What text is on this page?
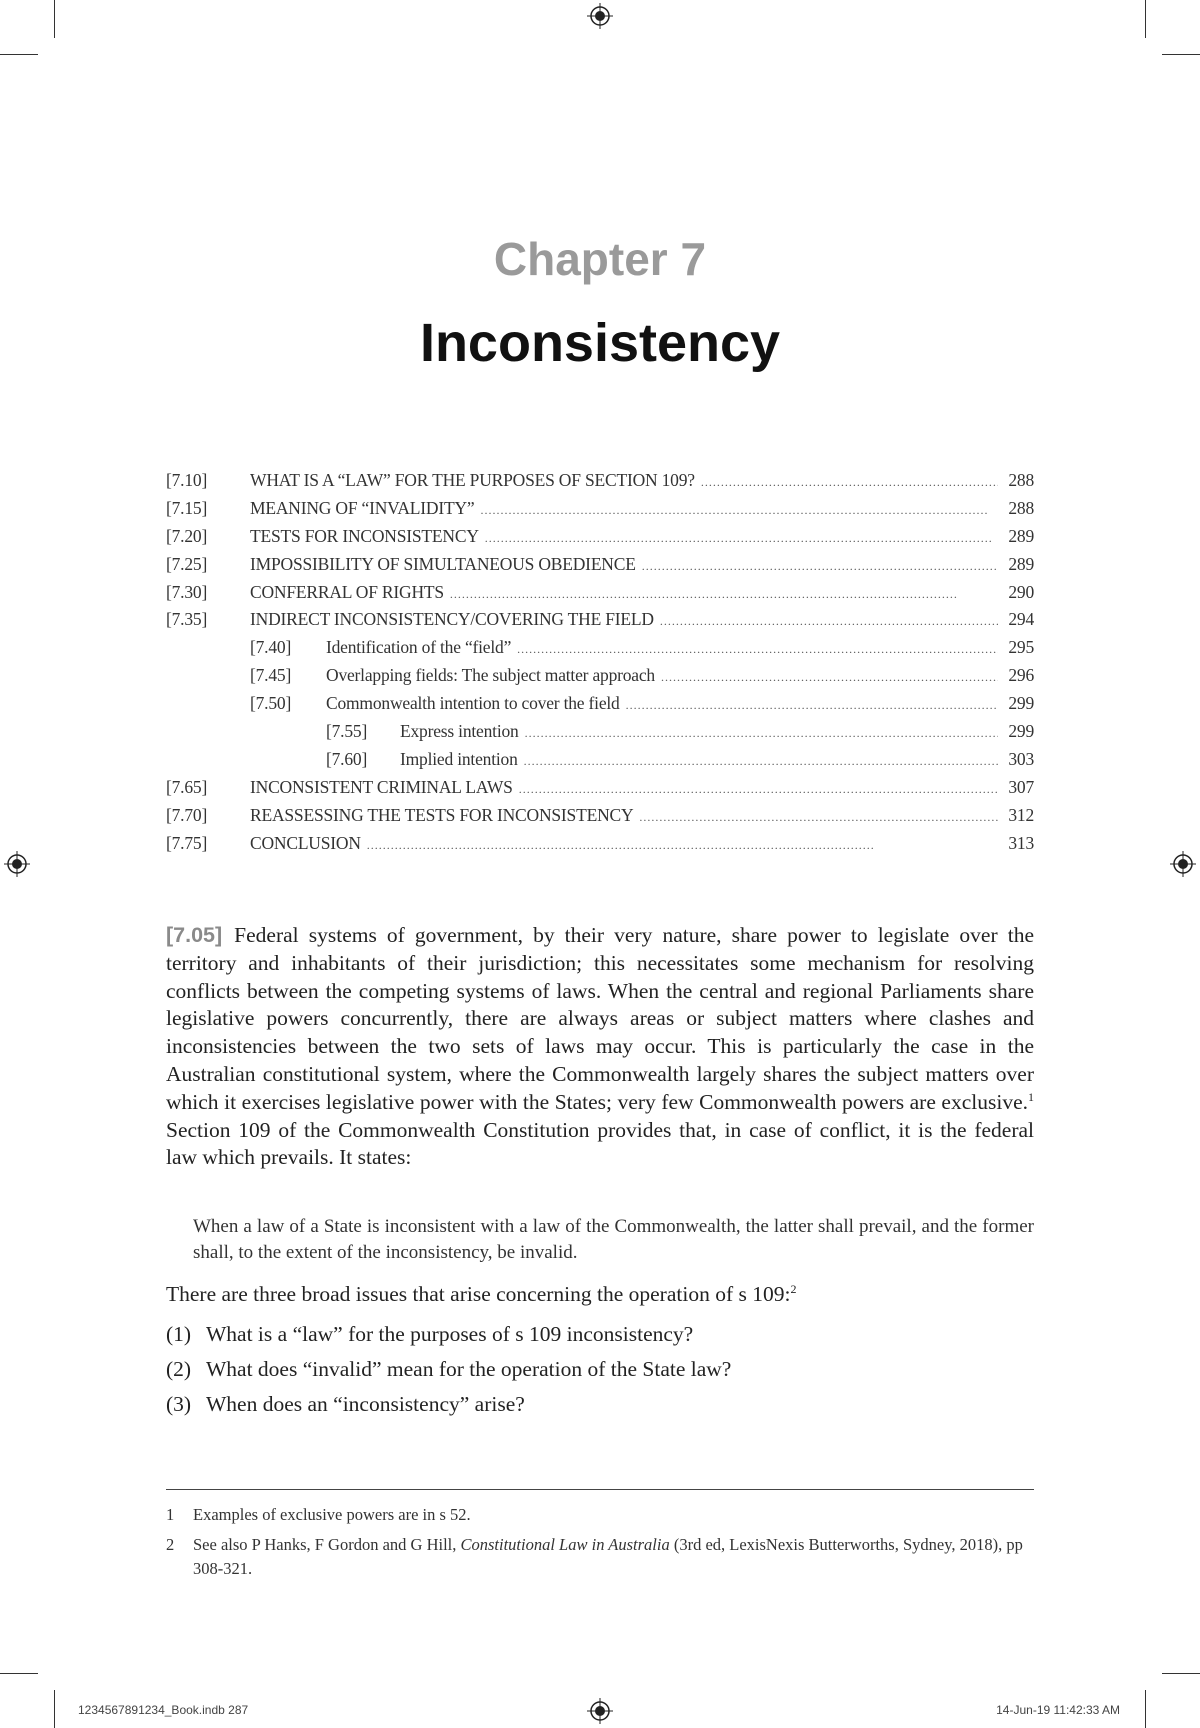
Chapter 7
Inconsistency
[7.10]	WHAT IS A “LAW” FOR THE PURPOSES OF SECTION 109? . . .	288
[7.15]	MEANING OF “INVALIDITY” . . .	288
[7.20]	TESTS FOR INCONSISTENCY . . .	289
[7.25]	IMPOSSIBILITY OF SIMULTANEOUS OBEDIENCE . . .	289
[7.30]	CONFERRAL OF RIGHTS . . .	290
[7.35]	INDIRECT INCONSISTENCY/COVERING THE FIELD . . .	294
[7.40]	Identification of the “field” . . .	295
[7.45]	Overlapping fields: The subject matter approach . . .	296
[7.50]	Commonwealth intention to cover the field . . .	299
[7.55]	Express intention . . .	299
[7.60]	Implied intention . . .	303
[7.65]	INCONSISTENT CRIMINAL LAWS . . .	307
[7.70]	REASSESSING THE TESTS FOR INCONSISTENCY . . .	312
[7.75]	CONCLUSION . . .	313
[7.05] Federal systems of government, by their very nature, share power to legislate over the territory and inhabitants of their jurisdiction; this necessitates some mechanism for resolving conflicts between the competing systems of laws. When the central and regional Parliaments share legislative powers concurrently, there are always areas or subject matters where clashes and inconsistencies between the two sets of laws may occur. This is particularly the case in the Australian constitutional system, where the Commonwealth largely shares the subject matters over which it exercises legislative power with the States; very few Commonwealth powers are exclusive.$^1$ Section 109 of the Commonwealth Constitution provides that, in case of conflict, it is the federal law which prevails. It states:
When a law of a State is inconsistent with a law of the Commonwealth, the latter shall prevail, and the former shall, to the extent of the inconsistency, be invalid.
There are three broad issues that arise concerning the operation of s 109:$^2$
(1) What is a “law” for the purposes of s 109 inconsistency?
(2) What does “invalid” mean for the operation of the State law?
(3) When does an “inconsistency” arise?
1	Examples of exclusive powers are in s 52.
2	See also P Hanks, F Gordon and G Hill, Constitutional Law in Australia (3rd ed, LexisNexis Butterworths, Sydney, 2018), pp 308-321.
1234567891234_Book.indb 287	14-Jun-19 11:42:33 AM
